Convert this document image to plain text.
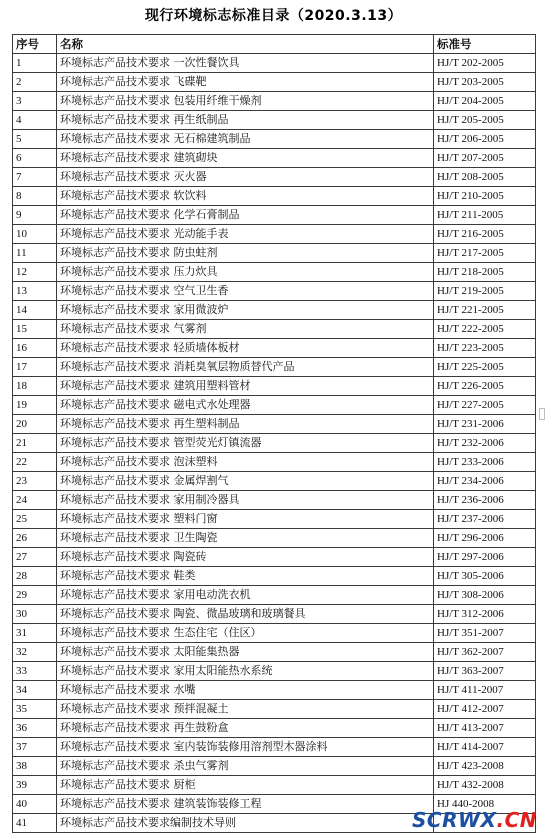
现行环境标志标准目录（2020.3.13）
序号	名称	标准号
1	环境标志产品技术要求 一次性餐饮具	HJ/T 202-2005
2	环境标志产品技术要求 飞碟靶	HJ/T 203-2005
3	环境标志产品技术要求 包装用纤维干燥剂	HJ/T 204-2005
4	环境标志产品技术要求 再生纸制品	HJ/T 205-2005
5	环境标志产品技术要求 无石棉建筑制品	HJ/T 206-2005
6	环境标志产品技术要求 建筑砌块	HJ/T 207-2005
7	环境标志产品技术要求 灭火器	HJ/T 208-2005
8	环境标志产品技术要求 软饮料	HJ/T 210-2005
9	环境标志产品技术要求 化学石膏制品	HJ/T 211-2005
10	环境标志产品技术要求 光动能手表	HJ/T 216-2005
11	环境标志产品技术要求 防虫蛀剂	HJ/T 217-2005
12	环境标志产品技术要求 压力炊具	HJ/T 218-2005
13	环境标志产品技术要求 空气卫生香	HJ/T 219-2005
14	环境标志产品技术要求 家用微波炉	HJ/T 221-2005
15	环境标志产品技术要求 气雾剂	HJ/T 222-2005
16	环境标志产品技术要求 轻质墙体板材	HJ/T 223-2005
17	环境标志产品技术要求 消耗臭氧层物质替代产品	HJ/T 225-2005
18	环境标志产品技术要求 建筑用塑料管材	HJ/T 226-2005
19	环境标志产品技术要求 磁电式水处理器	HJ/T 227-2005
20	环境标志产品技术要求 再生塑料制品	HJ/T 231-2006
21	环境标志产品技术要求 管型荧光灯镇流器	HJ/T 232-2006
22	环境标志产品技术要求 泡沫塑料	HJ/T 233-2006
23	环境标志产品技术要求 金属焊割气	HJ/T 234-2006
24	环境标志产品技术要求 家用制冷器具	HJ/T 236-2006
25	环境标志产品技术要求 塑料门窗	HJ/T 237-2006
26	环境标志产品技术要求 卫生陶瓷	HJ/T 296-2006
27	环境标志产品技术要求 陶瓷砖	HJ/T 297-2006
28	环境标志产品技术要求 鞋类	HJ/T 305-2006
29	环境标志产品技术要求 家用电动洗衣机	HJ/T 308-2006
30	环境标志产品技术要求 陶瓷、微晶玻璃和玻璃餐具	HJ/T 312-2006
31	环境标志产品技术要求 生态住宅（住区）	HJ/T 351-2007
32	环境标志产品技术要求 太阳能集热器	HJ/T 362-2007
33	环境标志产品技术要求 家用太阳能热水系统	HJ/T 363-2007
34	环境标志产品技术要求 水嘴	HJ/T 411-2007
35	环境标志产品技术要求 预拌混凝土	HJ/T 412-2007
36	环境标志产品技术要求 再生鼓粉盒	HJ/T 413-2007
37	环境标志产品技术要求 室内装饰装修用溶剂型木器涂料	HJ/T 414-2007
38	环境标志产品技术要求 杀虫气雾剂	HJ/T 423-2008
39	环境标志产品技术要求 厨柜	HJ/T 432-2008
40	环境标志产品技术要求 建筑装饰装修工程	HJ 440-2008
41	环境标志产品技术要求编制技术导则		SCRWX.CN
